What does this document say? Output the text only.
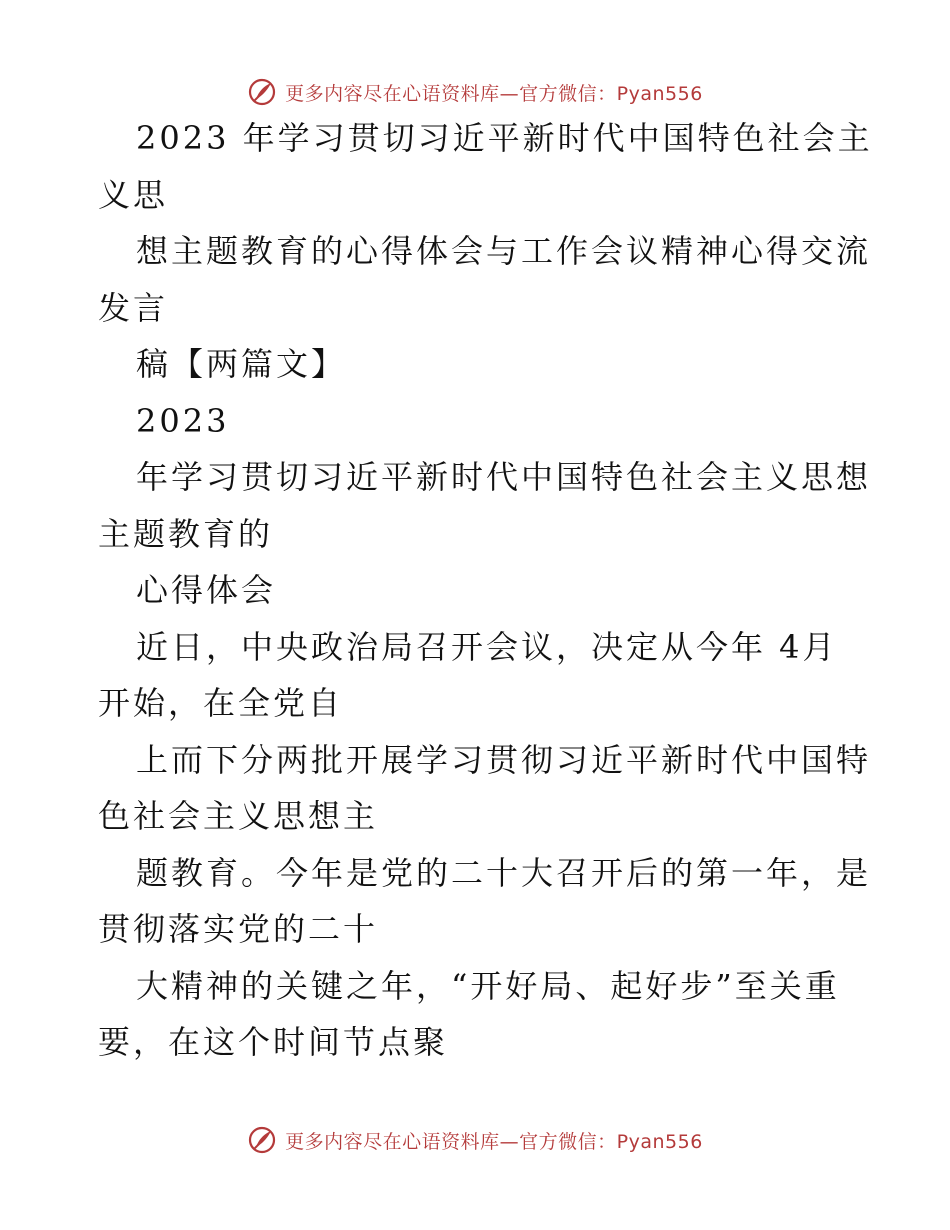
更多内容尽在心语资料库—官方微信：Pyan556
2023 年学习贯切习近平新时代中国特色社会主
义思
想主题教育的心得体会与工作会议精神心得交流
发言
稿【两篇文】
2023
年学习贯切习近平新时代中国特色社会主义思想
主题教育的
心得体会
近日，中央政治局召开会议，决定从今年 4月
开始，在全党自
上而下分两批开展学习贯彻习近平新时代中国特
色社会主义思想主
题教育。今年是党的二十大召开后的第一年，是
贯彻落实党的二十
大精神的关键之年，“开好局、起好步”至关重
要，在这个时间节点聚
更多内容尽在心语资料库—官方微信：Pyan556
